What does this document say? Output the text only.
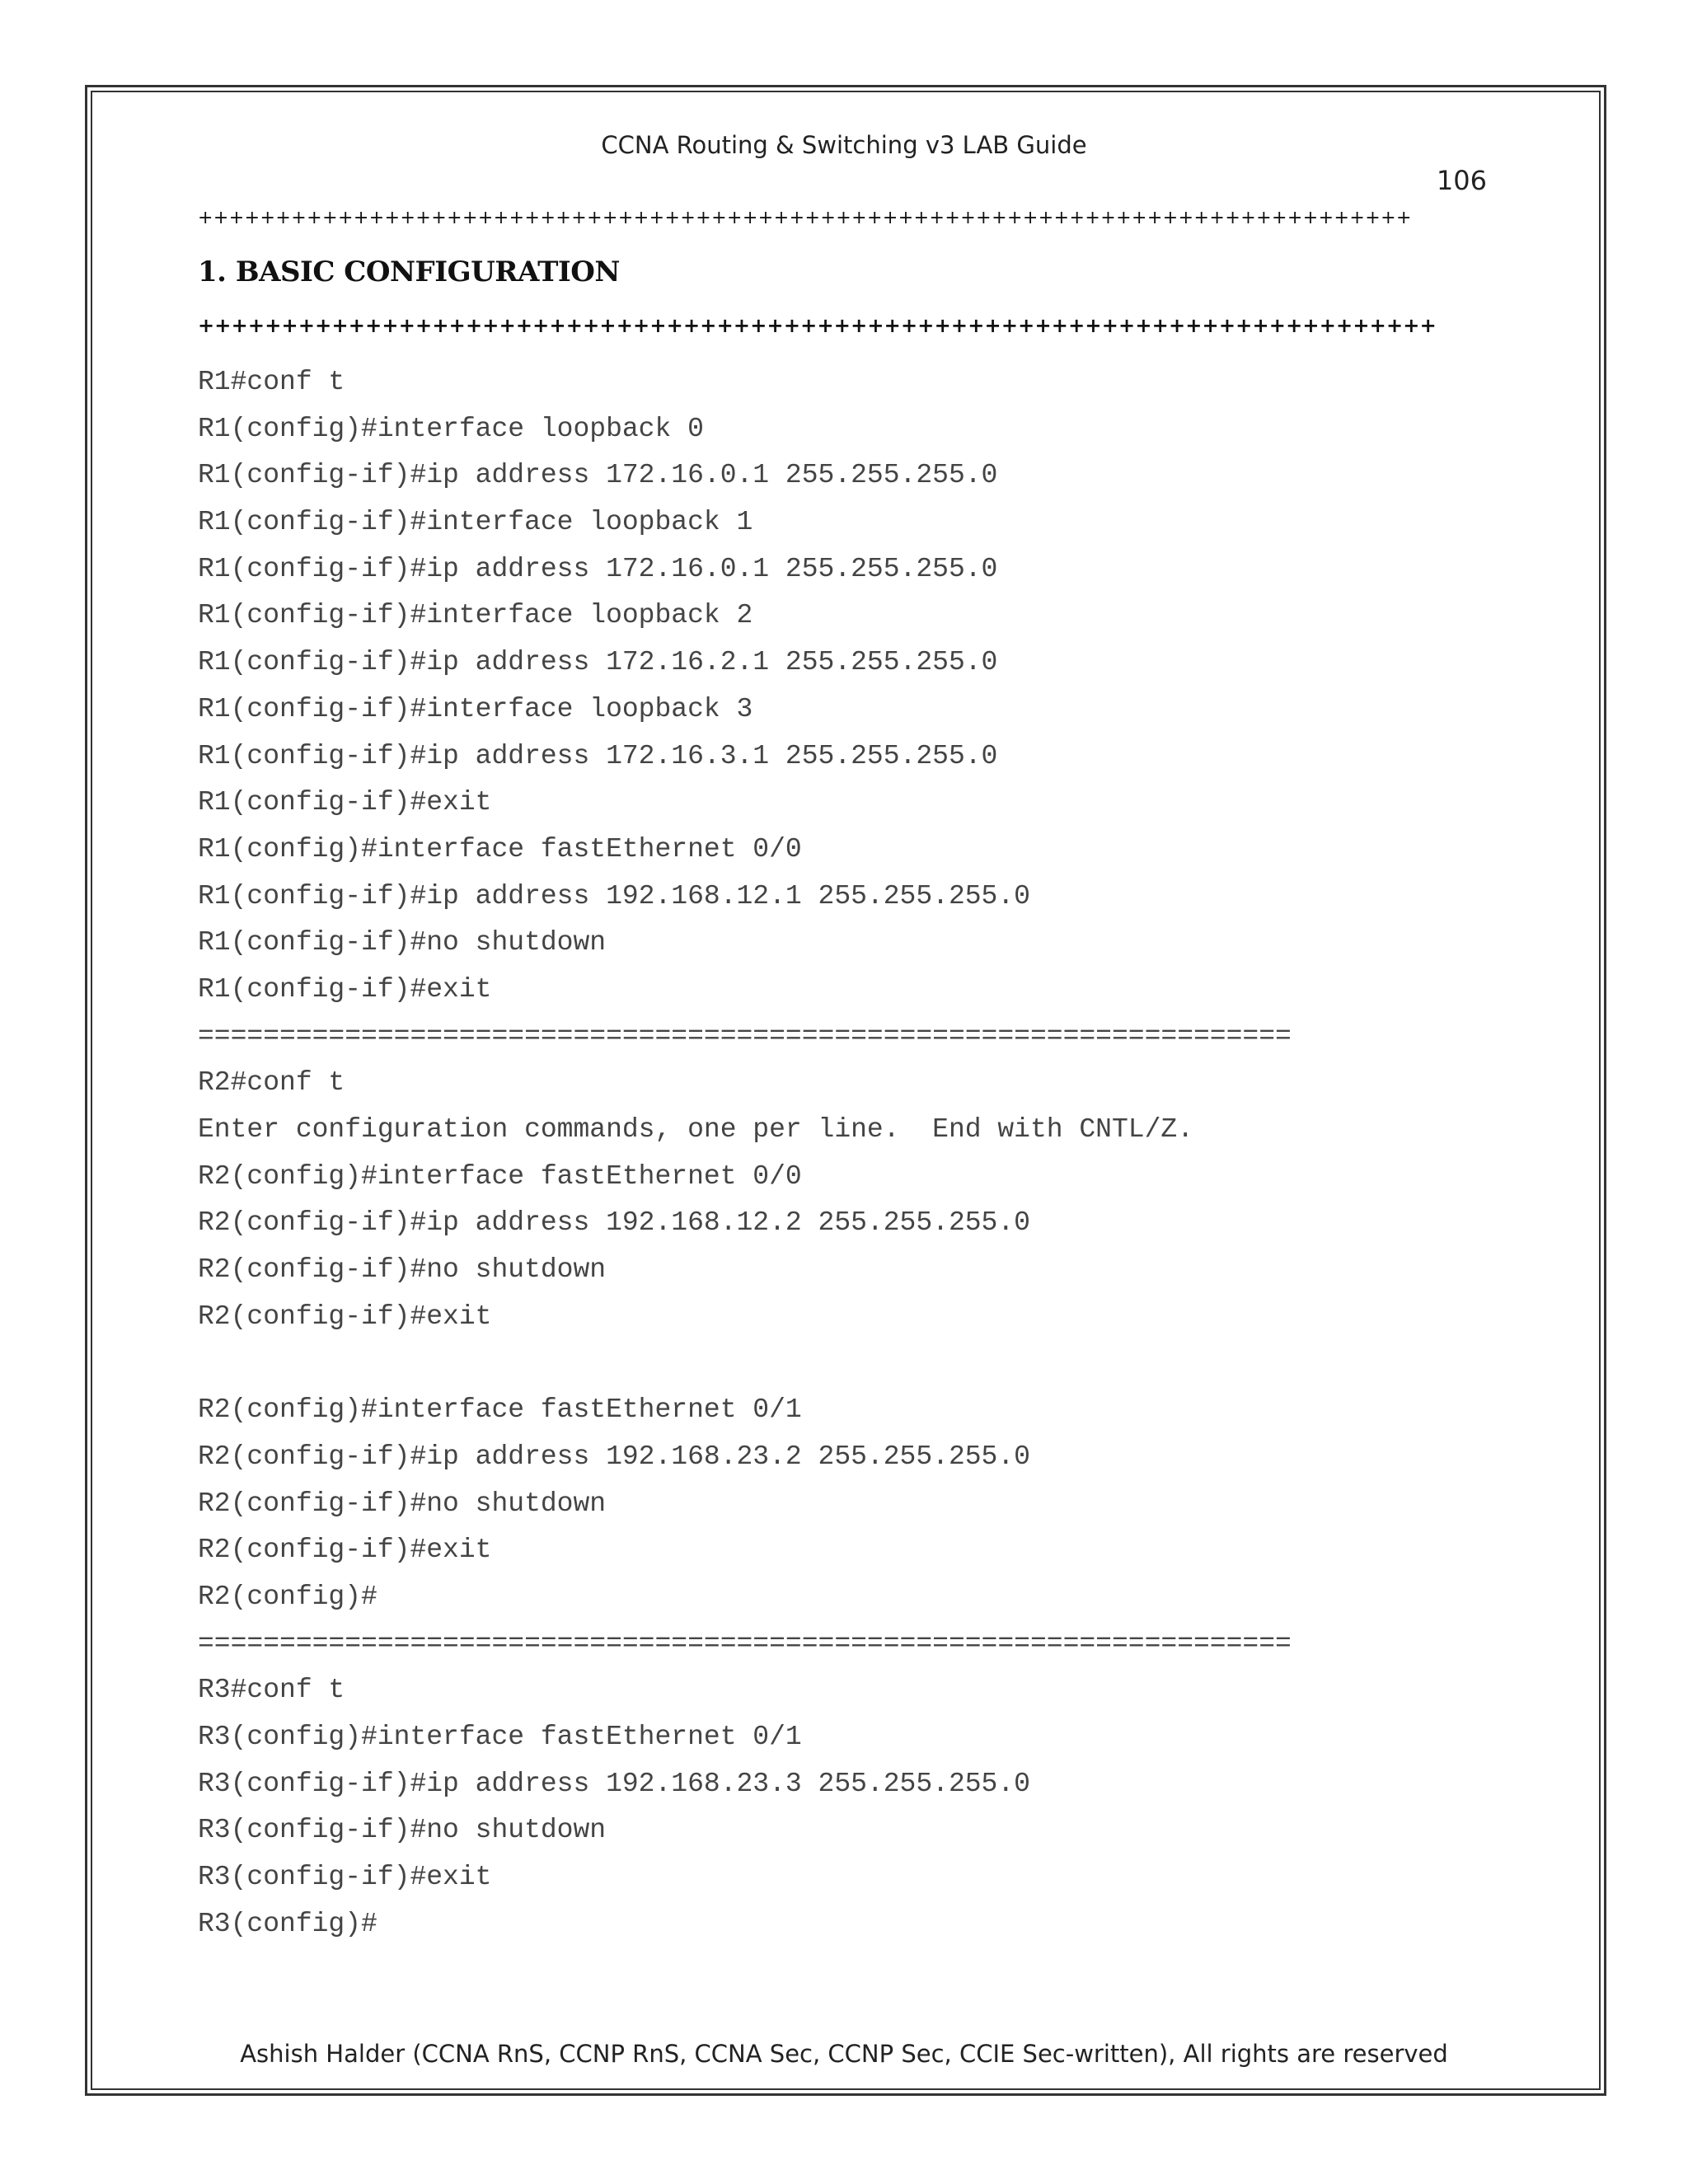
CCNA Routing & Switching v3 LAB Guide
106
++++++++++++++++++++++++++++++++++++++++++++++++++++++++++++++++++++++++++++++
1. BASIC CONFIGURATION
++++++++++++++++++++++++++++++++++++++++++++++++++++++++++++++++++++++++++
R1#conf t
R1(config)#interface loopback 0
R1(config-if)#ip address 172.16.0.1 255.255.255.0
R1(config-if)#interface loopback 1
R1(config-if)#ip address 172.16.0.1 255.255.255.0
R1(config-if)#interface loopback 2
R1(config-if)#ip address 172.16.2.1 255.255.255.0
R1(config-if)#interface loopback 3
R1(config-if)#ip address 172.16.3.1 255.255.255.0
R1(config-if)#exit
R1(config)#interface fastEthernet 0/0
R1(config-if)#ip address 192.168.12.1 255.255.255.0
R1(config-if)#no shutdown
R1(config-if)#exit
===================================================================
R2#conf t
Enter configuration commands, one per line.  End with CNTL/Z.
R2(config)#interface fastEthernet 0/0
R2(config-if)#ip address 192.168.12.2 255.255.255.0
R2(config-if)#no shutdown
R2(config-if)#exit
R2(config)#interface fastEthernet 0/1
R2(config-if)#ip address 192.168.23.2 255.255.255.0
R2(config-if)#no shutdown
R2(config-if)#exit
R2(config)#
===================================================================
R3#conf t
R3(config)#interface fastEthernet 0/1
R3(config-if)#ip address 192.168.23.3 255.255.255.0
R3(config-if)#no shutdown
R3(config-if)#exit
R3(config)#
Ashish Halder (CCNA RnS, CCNP RnS, CCNA Sec, CCNP Sec, CCIE Sec-written), All rights are reserved
